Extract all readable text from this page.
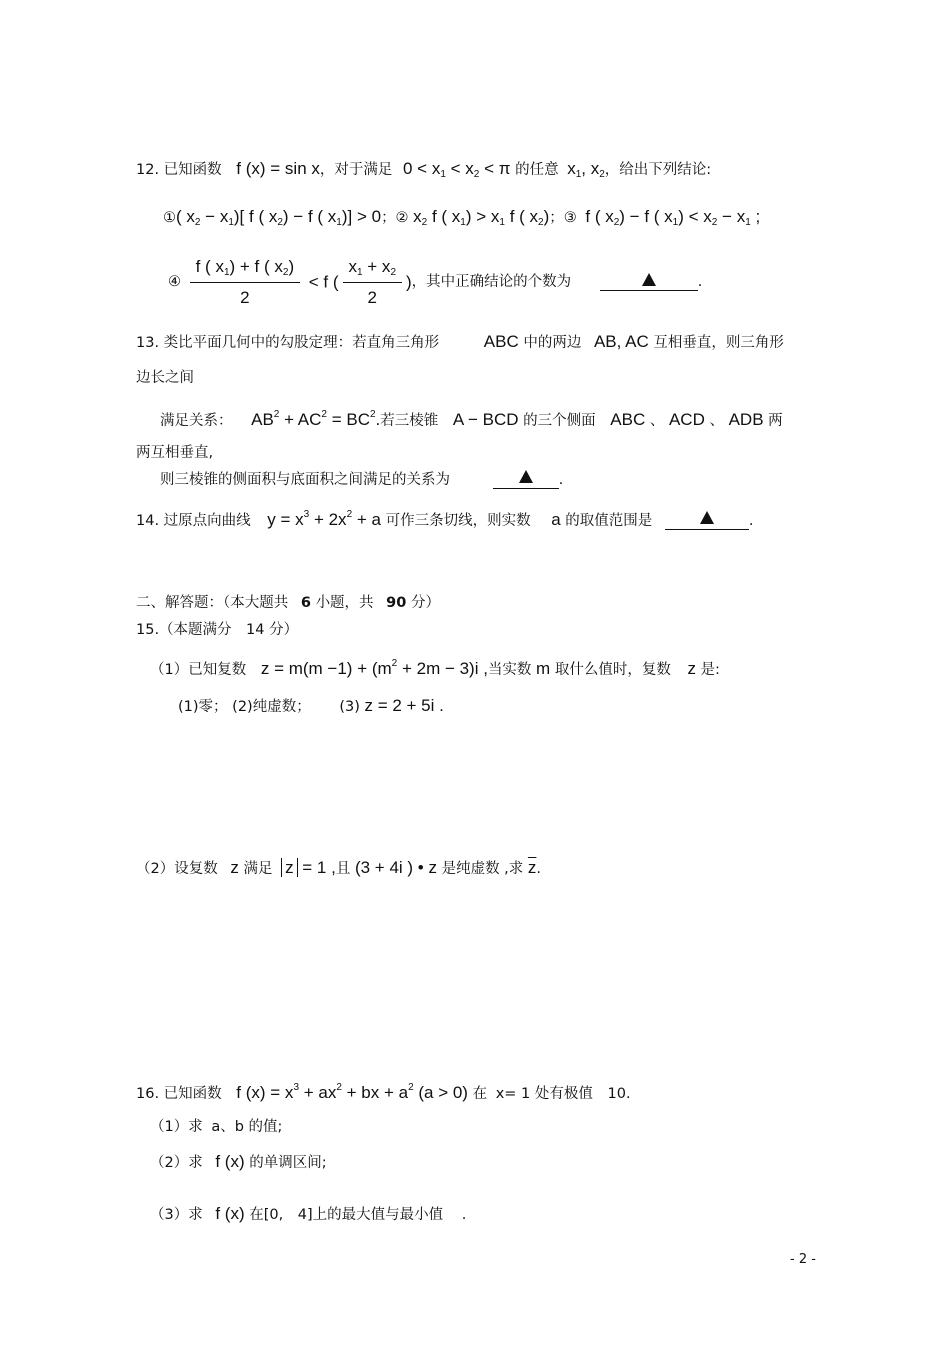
12. 已知函数 f (x) = sin x，对于满足 $0 < x_1 < x_2 < \pi$ 的任意 $x_1$, $x_2$，给出下列结论:
①( $x_2 - x_1$)[ f ( $x_2) - f$ ( $x_1)] > 0$；② $x_2$ f ( $x_1) > x_1$ f ( $x_2$)；③ f ( $x_2) - f$ ( $x_1) < x_2 - x_1$ ;
④ $\frac{f ( x_1) + f ( x_2)}{2} < f$ ( $\frac{x_1 + x_2}{2}$ )，其中正确结论的个数为	.
13. 类比平面几何中的勾股定理：若直角三角形	ABC 中的两边 AB, AC 互相垂直，则三角形
边长之间
满足关系： $AB^2 + AC^2 = BC^2$.若三棱锥 A − BCD 的三个侧面 ABC 、 ACD 、 ADB 两
两互相垂直,
则三棱锥的侧面积与底面积之间满足的关系为	.
14. 过原点向曲线 $y = x^3 + 2x^2 + a$ 可作三条切线，则实数 a 的取值范围是	.
二、解答题：（本大题共 6 小题，共 90 分）
15.（本题满分　14 分）
（1）已知复数 $z = m(m -1) + (m^2 + 2m - 3)i$ ,当实数 m 取什么值时，复数 z 是:
(1)零； (2)纯虚数； (3) z = 2 + 5i .
（2）设复数 z 满足 z = 1 ,且 (3 + 4i ) • z 是纯虚数 ,求 $\overline{z}$.
16. 已知函数 f $(x) = x^3 + ax^2$ + bx + $a^2$ (a > 0) 在 x= 1 处有极值 10.
（1）求 a、b 的值;
（2）求 f (x) 的单调区间;
（3）求 f (x) 在[0,　4]上的最大值与最小值 .
- 2 -
